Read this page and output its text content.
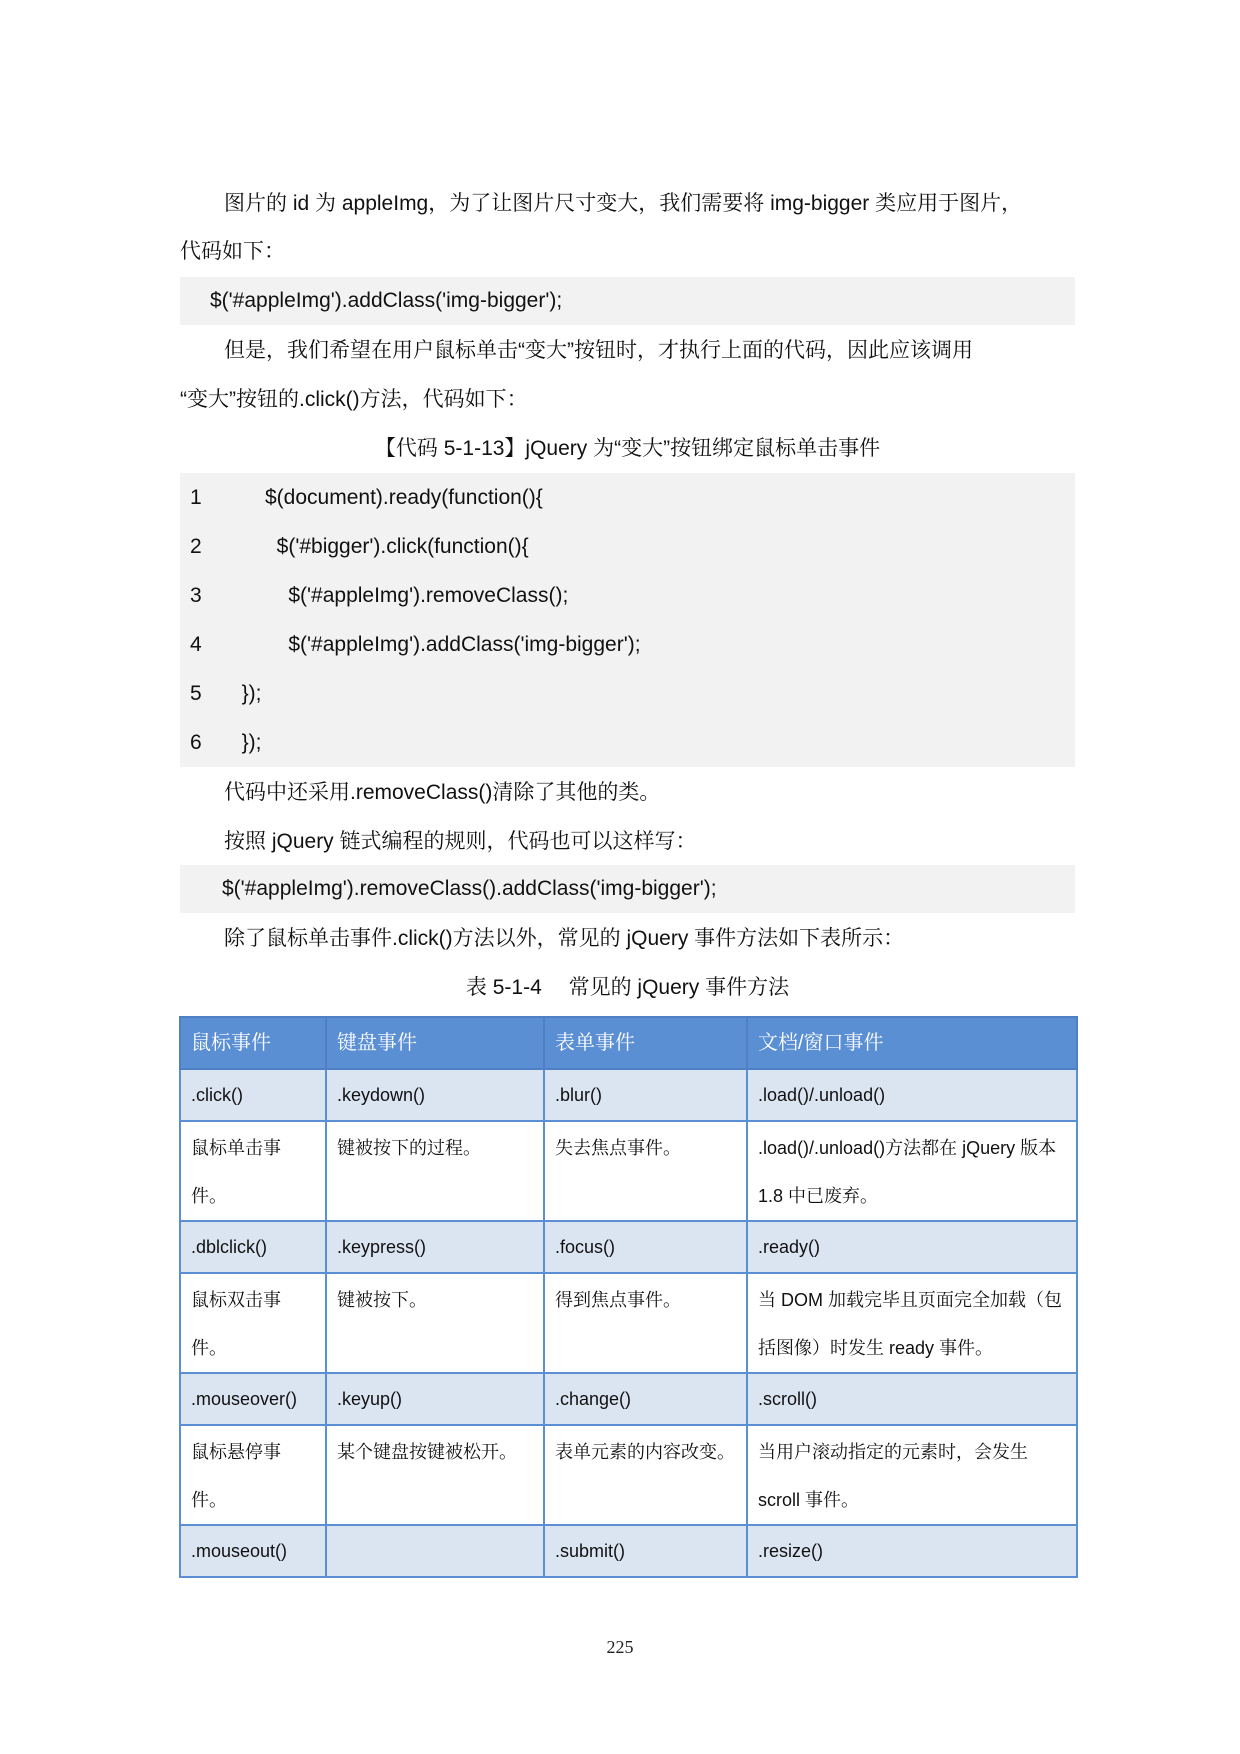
图片的 id 为 appleImg，为了让图片尺寸变大，我们需要将 img-bigger 类应用于图片，

代码如下：

$('#appleImg').addClass('img-bigger');

但是，我们希望在用户鼠标单击“变大”按钮时，才执行上面的代码，因此应该调用

“变大”按钮的.click()方法，代码如下：

【代码 5-1-13】jQuery 为“变大”按钮绑定鼠标单击事件
1      $(document).ready(function(){
2        $('#bigger').click(function(){
3          $('#appleImg').removeClass();
4          $('#appleImg').addClass('img-bigger');
5  });
6  });

代码中还采用.removeClass()清除了其他的类。

按照 jQuery 链式编程的规则，代码也可以这样写：

$('#appleImg').removeClass().addClass('img-bigger');

除了鼠标单击事件.click()方法以外，常见的 jQuery 事件方法如下表所示：

表 5-1-4　 常见的 jQuery 事件方法
鼠标事件	键盘事件	表单事件	文档/窗口事件
.click()	.keydown()	.blur()	.load()/.unload()
鼠标单击事件。	键被按下的过程。	失去焦点事件。	.load()/.unload()方法都在 jQuery 版本 1.8 中已废弃。
.dblclick()	.keypress()	.focus()	.ready()
鼠标双击事件。	键被按下。	得到焦点事件。	当 DOM 加载完毕且页面完全加载（包括图像）时发生 ready 事件。
.mouseover()	.keyup()	.change()	.scroll()
鼠标悬停事件。	某个键盘按键被松开。	表单元素的内容改变。	当用户滚动指定的元素时，会发生 scroll 事件。
.mouseout()		.submit()	.resize()
225
